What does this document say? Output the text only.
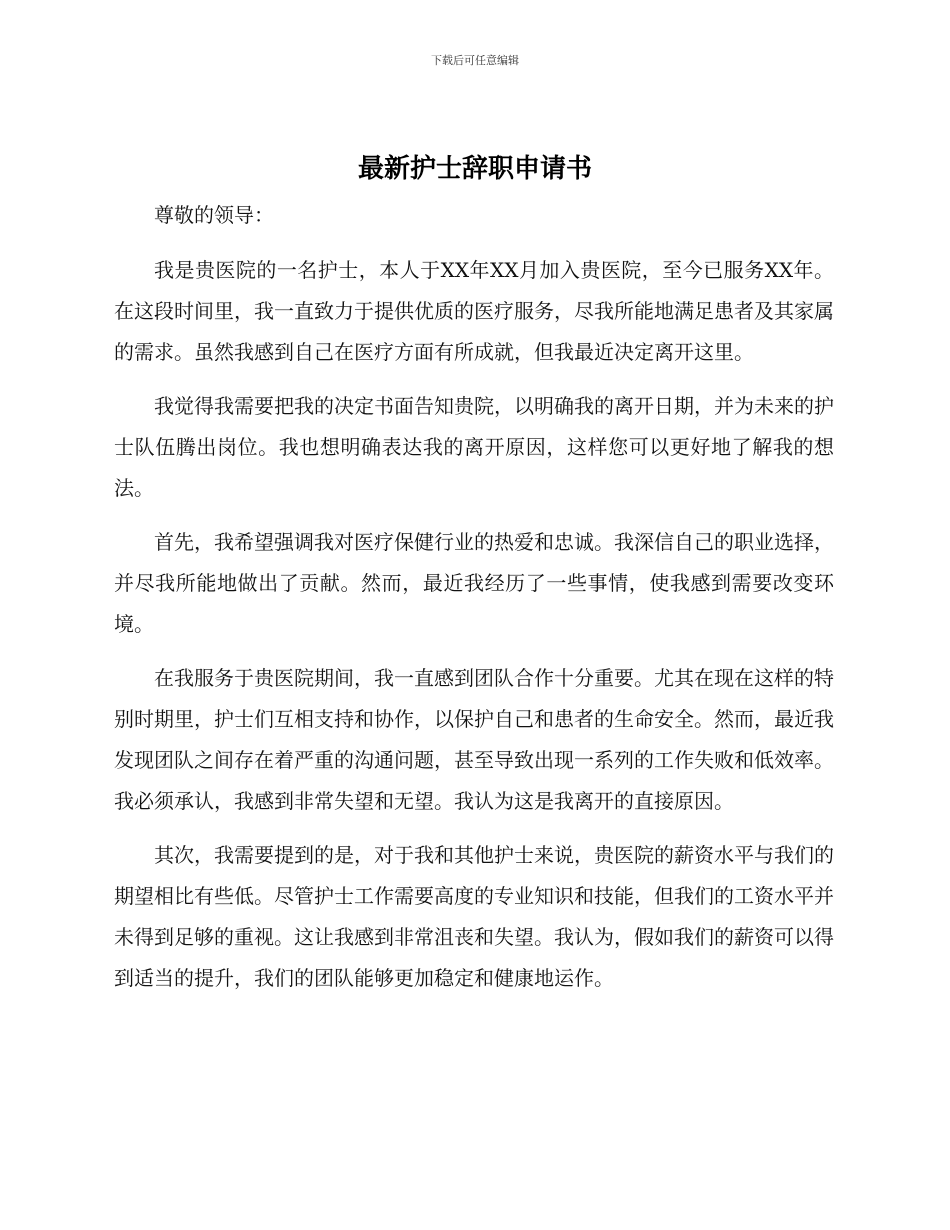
下载后可任意编辑
最新护士辞职申请书

尊敬的领导：

我是贵医院的一名护士，本人于XX年XX月加入贵医院，至今已服务XX年。在这段时间里，我一直致力于提供优质的医疗服务，尽我所能地满足患者及其家属的需求。虽然我感到自己在医疗方面有所成就，但我最近决定离开这里。

我觉得我需要把我的决定书面告知贵院，以明确我的离开日期，并为未来的护士队伍腾出岗位。我也想明确表达我的离开原因，这样您可以更好地了解我的想法。

首先，我希望强调我对医疗保健行业的热爱和忠诚。我深信自己的职业选择，并尽我所能地做出了贡献。然而，最近我经历了一些事情，使我感到需要改变环境。

在我服务于贵医院期间，我一直感到团队合作十分重要。尤其在现在这样的特别时期里，护士们互相支持和协作，以保护自己和患者的生命安全。然而，最近我发现团队之间存在着严重的沟通问题，甚至导致出现一系列的工作失败和低效率。我必须承认，我感到非常失望和无望。我认为这是我离开的直接原因。

其次，我需要提到的是，对于我和其他护士来说，贵医院的薪资水平与我们的期望相比有些低。尽管护士工作需要高度的专业知识和技能，但我们的工资水平并未得到足够的重视。这让我感到非常沮丧和失望。我认为，假如我们的薪资可以得到适当的提升，我们的团队能够更加稳定和健康地运作。
